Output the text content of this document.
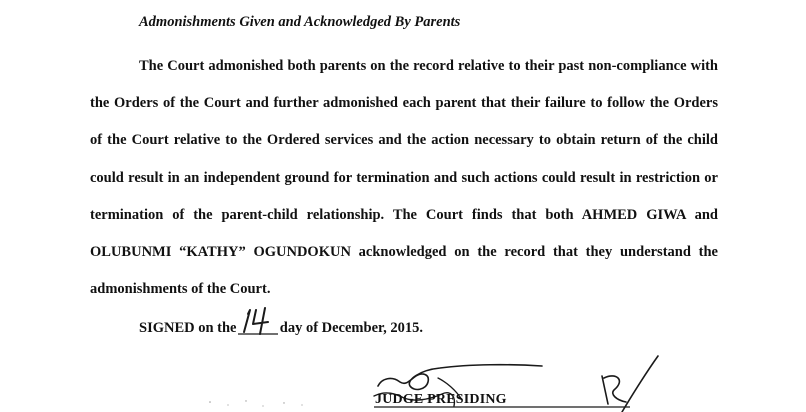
Admonishments Given and Acknowledged By Parents
The Court admonished both parents on the record relative to their past non-compliance with
the Orders of the Court and further admonished each parent that their failure to follow the Orders
of the Court relative to the Ordered services and the action necessary to obtain return of the child
could result in an independent ground for termination and such actions could result in restriction or
termination of the parent-child relationship. The Court finds that both AHMED GIWA and
OLUBUNMI “KATHY” OGUNDOKUN acknowledged on the record that they understand the
admonishments of the Court.
SIGNED on the	day of December, 2015.
JUDGE PRESIDING
